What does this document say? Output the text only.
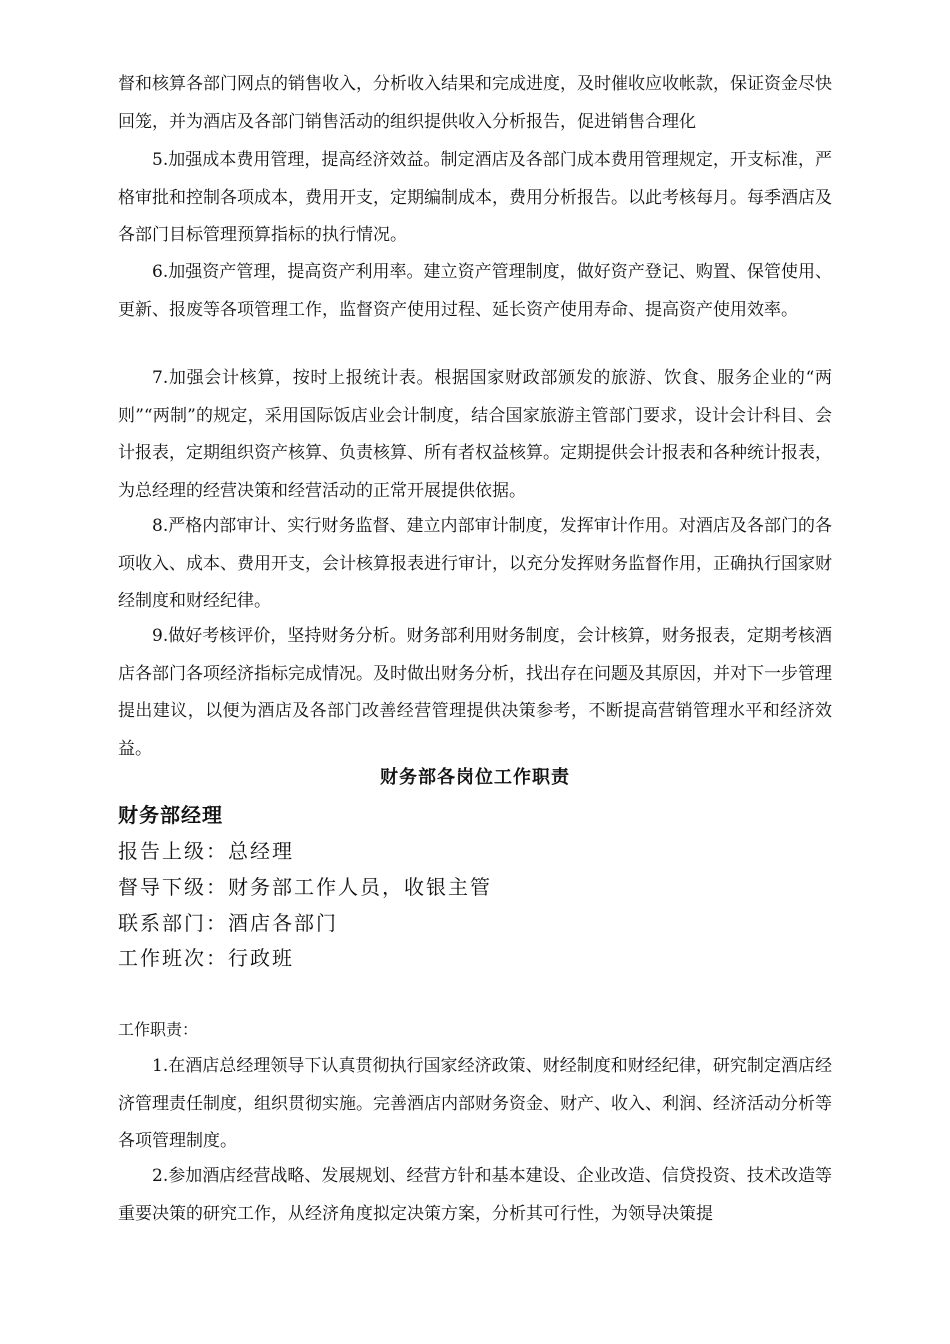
督和核算各部门网点的销售收入，分析收入结果和完成进度，及时催收应收帐款，保证资金尽快回笼，并为酒店及各部门销售活动的组织提供收入分析报告，促进销售合理化

5.加强成本费用管理，提高经济效益。制定酒店及各部门成本费用管理规定，开支标准，严格审批和控制各项成本，费用开支，定期编制成本，费用分析报告。以此考核每月。每季酒店及各部门目标管理预算指标的执行情况。

6.加强资产管理，提高资产利用率。建立资产管理制度，做好资产登记、购置、保管使用、更新、报废等各项管理工作，监督资产使用过程、延长资产使用寿命、提高资产使用效率。

7.加强会计核算，按时上报统计表。根据国家财政部颁发的旅游、饮食、服务企业的“两则”“两制”的规定，采用国际饭店业会计制度，结合国家旅游主管部门要求，设计会计科目、会计报表，定期组织资产核算、负责核算、所有者权益核算。定期提供会计报表和各种统计报表，为总经理的经营决策和经营活动的正常开展提供依据。

8.严格内部审计、实行财务监督、建立内部审计制度，发挥审计作用。对酒店及各部门的各项收入、成本、费用开支，会计核算报表进行审计，以充分发挥财务监督作用，正确执行国家财经制度和财经纪律。

9.做好考核评价，坚持财务分析。财务部利用财务制度，会计核算，财务报表，定期考核酒店各部门各项经济指标完成情况。及时做出财务分析，找出存在问题及其原因，并对下一步管理提出建议，以便为酒店及各部门改善经营管理提供决策参考，不断提高营销管理水平和经济效益。

财务部各岗位工作职责
财务部经理
报告上级：总经理
督导下级：财务部工作人员，收银主管
联系部门：酒店各部门
工作班次：行政班
工作职责：

1.在酒店总经理领导下认真贯彻执行国家经济政策、财经制度和财经纪律，研究制定酒店经济管理责任制度，组织贯彻实施。完善酒店内部财务资金、财产、收入、利润、经济活动分析等各项管理制度。

2.参加酒店经营战略、发展规划、经营方针和基本建设、企业改造、信贷投资、技术改造等重要决策的研究工作，从经济角度拟定决策方案，分析其可行性，为领导决策提
